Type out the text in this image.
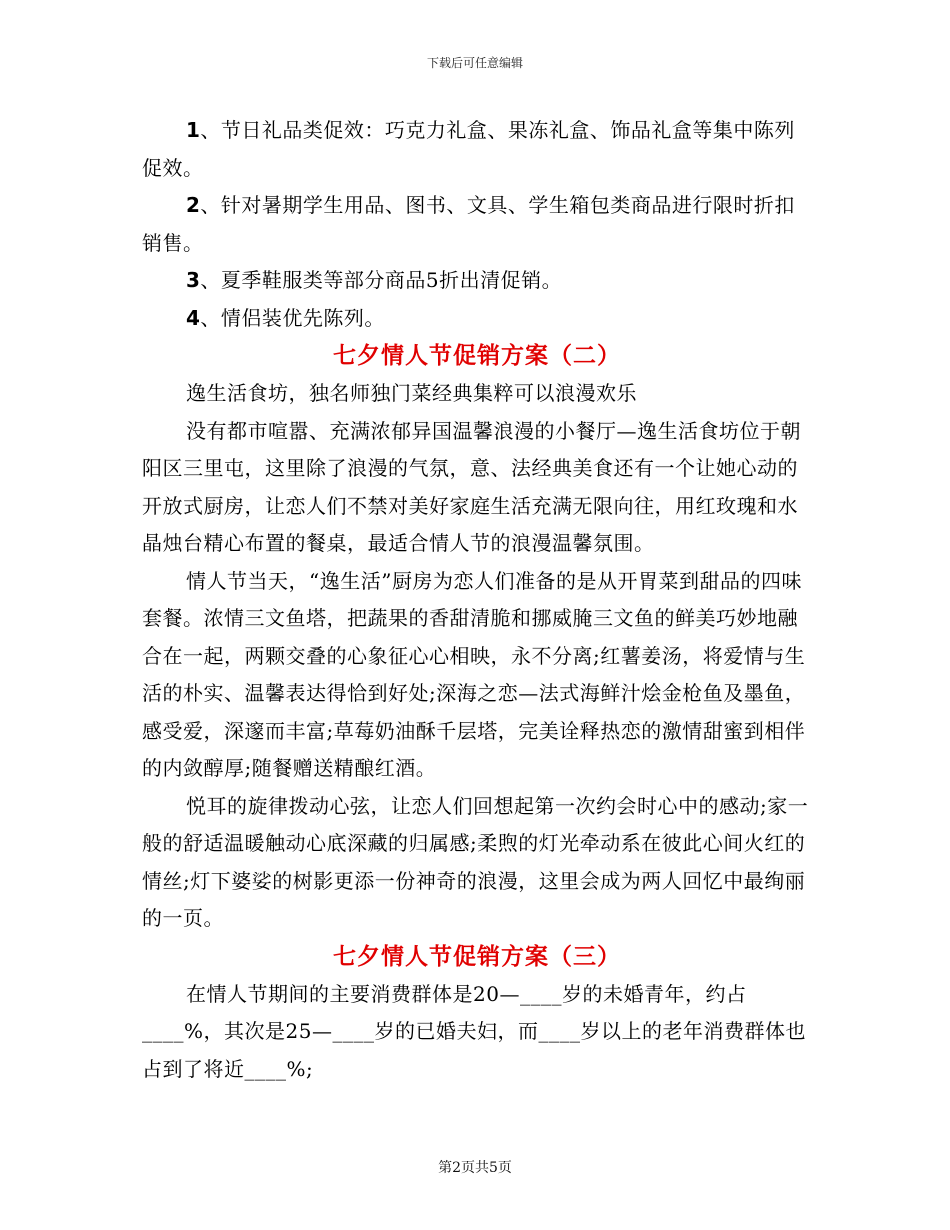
下载后可任意编辑

1、节日礼品类促效：巧克力礼盒、果冻礼盒、饰品礼盒等集中陈列促效。

2、针对暑期学生用品、图书、文具、学生箱包类商品进行限时折扣销售。

3、夏季鞋服类等部分商品5折出清促销。

4、情侣装优先陈列。

七夕情人节促销方案（二）

逸生活食坊，独名师独门菜经典集粹可以浪漫欢乐

没有都市喧嚣、充满浓郁异国温馨浪漫的小餐厅—逸生活食坊位于朝阳区三里屯，这里除了浪漫的气氛，意、法经典美食还有一个让她心动的开放式厨房，让恋人们不禁对美好家庭生活充满无限向往，用红玫瑰和水晶烛台精心布置的餐桌，最适合情人节的浪漫温馨氛围。

情人节当天，“逸生活”厨房为恋人们准备的是从开胃菜到甜品的四味套餐。浓情三文鱼塔，把蔬果的香甜清脆和挪威腌三文鱼的鲜美巧妙地融合在一起，两颗交叠的心象征心心相映，永不分离;红薯姜汤，将爱情与生活的朴实、温馨表达得恰到好处;深海之恋—法式海鲜汁烩金枪鱼及墨鱼，感受爱，深邃而丰富;草莓奶油酥千层塔，完美诠释热恋的激情甜蜜到相伴的内敛醇厚;随餐赠送精酿红酒。

悦耳的旋律拨动心弦，让恋人们回想起第一次约会时心中的感动;家一般的舒适温暖触动心底深藏的归属感;柔煦的灯光牵动系在彼此心间火红的情丝;灯下婆娑的树影更添一份神奇的浪漫，这里会成为两人回忆中最绚丽的一页。

七夕情人节促销方案（三）

在情人节期间的主要消费群体是20—____岁的未婚青年，约占____%，其次是25—____岁的已婚夫妇，而____岁以上的老年消费群体也占到了将近____%;

第2页共5页
